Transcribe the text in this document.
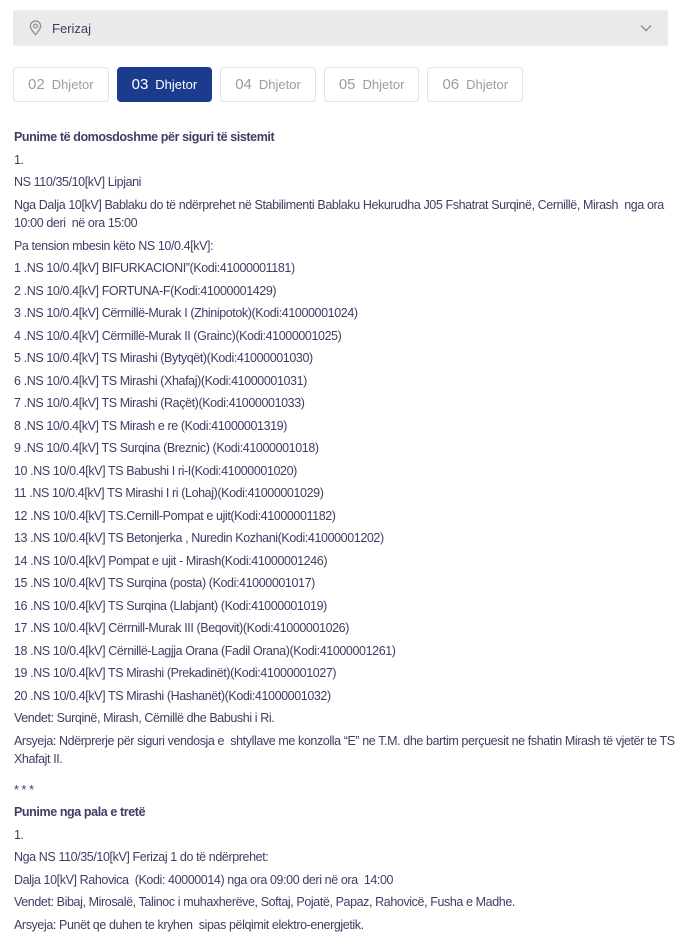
Ferizaj
02 Dhjetor	03 Dhjetor	04 Dhjetor	05 Dhjetor	06 Dhjetor

Punime të domosdoshme për siguri të sistemit

1.

NS 110/35/10[kV] Lipjani

Nga Dalja 10[kV] Bablaku do të ndërprehet në Stabilimenti Bablaku Hekurudha J05 Fshatrat Surqinë, Cernillë, Mirash  nga ora 10:00 deri  në ora 15:00

Pa tension mbesin këto NS 10/0.4[kV]:

1 .NS 10/0.4[kV] BIFURKACIONI”(Kodi:41000001181)

2 .NS 10/0.4[kV] FORTUNA-F(Kodi:41000001429)

3 .NS 10/0.4[kV] Cërrnillë-Murak I (Zhinipotok)(Kodi:41000001024)

4 .NS 10/0.4[kV] Cërrnillë-Murak II (Grainc)(Kodi:41000001025)

5 .NS 10/0.4[kV] TS Mirashi (Bytyqët)(Kodi:41000001030)

6 .NS 10/0.4[kV] TS Mirashi (Xhafaj)(Kodi:41000001031)

7 .NS 10/0.4[kV] TS Mirashi (Raçët)(Kodi:41000001033)

8 .NS 10/0.4[kV] TS Mirash e re (Kodi:41000001319)

9 .NS 10/0.4[kV] TS Surqina (Breznic) (Kodi:41000001018)

10 .NS 10/0.4[kV] TS Babushi I ri-I(Kodi:41000001020)

11 .NS 10/0.4[kV] TS Mirashi I ri (Lohaj)(Kodi:41000001029)

12 .NS 10/0.4[kV] TS.Cernill-Pompat e ujit(Kodi:41000001182)

13 .NS 10/0.4[kV] TS Betonjerka , Nuredin Kozhani(Kodi:41000001202)

14 .NS 10/0.4[kV] Pompat e ujit - Mirash(Kodi:41000001246)

15 .NS 10/0.4[kV] TS Surqina (posta) (Kodi:41000001017)

16 .NS 10/0.4[kV] TS Surqina (Llabjant) (Kodi:41000001019)

17 .NS 10/0.4[kV] Cërrnill-Murak III (Beqovit)(Kodi:41000001026)

18 .NS 10/0.4[kV] Cërnillë-Lagjja Orana (Fadil Orana)(Kodi:41000001261)

19 .NS 10/0.4[kV] TS Mirashi (Prekadinët)(Kodi:41000001027)

20 .NS 10/0.4[kV] TS Mirashi (Hashanët)(Kodi:41000001032)

Vendet: Surqinë, Mirash, Cërnillë dhe Babushi i Ri.

Arsyeja: Ndërprerje për siguri vendosja e  shtyllave me konzolla “E” ne T.M. dhe bartim perçuesit ne fshatin Mirash të vjetër te TS Xhafajt II.

* * *

Punime nga pala e tretë

1.

Nga NS 110/35/10[kV] Ferizaj 1 do të ndërprehet:

Dalja 10[kV] Rahovica  (Kodi: 40000014) nga ora 09:00 deri në ora  14:00

Vendet: Bibaj, Mirosalë, Talinoc i muhaxherëve, Softaj, Pojatë, Papaz, Rahovicë, Fusha e Madhe.

Arsyeja: Punët qe duhen te kryhen  sipas pëlqimit elektro-energjetik.
